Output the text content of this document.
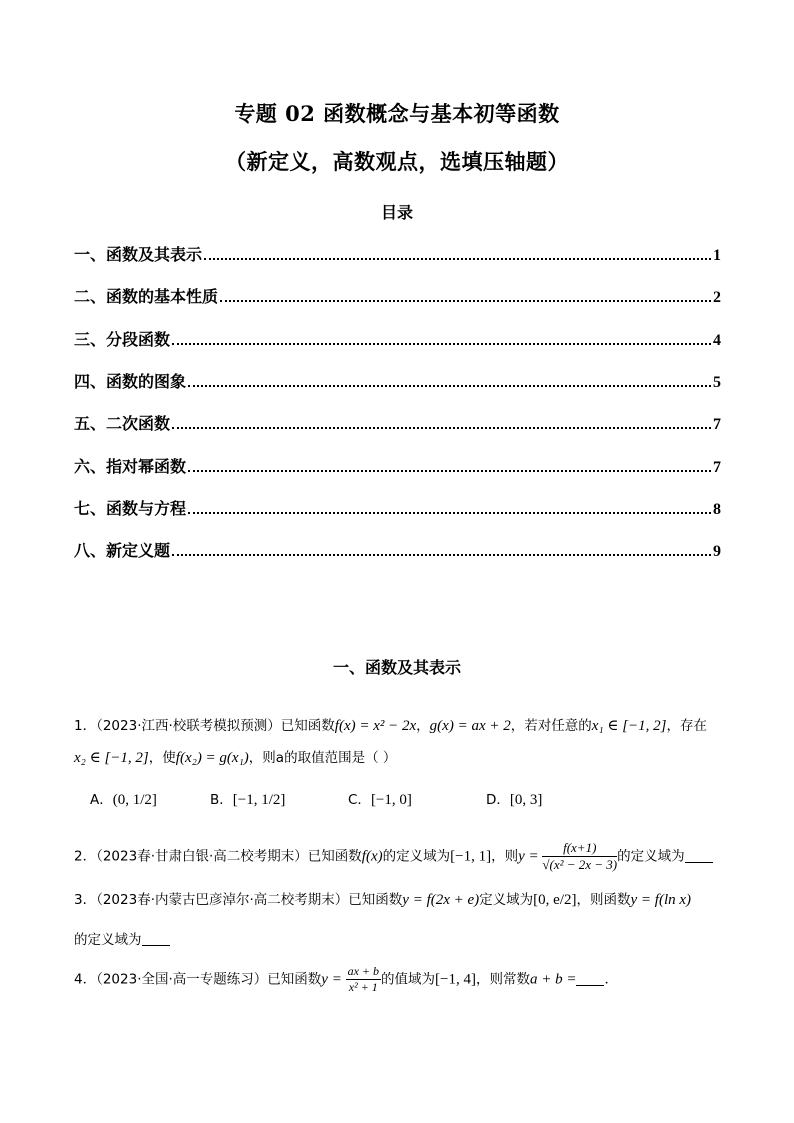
专题 02 函数概念与基本初等函数
（新定义，高数观点，选填压轴题）
目录
一、函数及其表示	1
二、函数的基本性质	2
三、分段函数	4
四、函数的图象	5
五、二次函数	7
六、指对幂函数	7
七、函数与方程	8
八、新定义题	9
一、函数及其表示
1．（2023·江西·校联考模拟预测）已知函数f(x) = x² − 2x，g(x) = ax + 2，若对任意的x₁ ∈ [−1, 2]，存在
x₂ ∈ [−1, 2]，使f(x₂) = g(x₁)，则a的取值范围是（ ）
A．(0, 1/2]	B．[−1, 1/2]	C．[−1, 0]	D．[0, 3]
2．（2023春·甘肃白银·高二校考期末）已知函数f(x)的定义域为[−1, 1]，则$y = \frac{f(x+1)}{\text{√(x² − 2x − 3)}}$ 的定义域为
3．（2023春·内蒙古巴彦淖尔·高二校考期末）已知函数y = f(2x + e)定义域为[0, e/2]，则函数y = f(ln x)
的定义域为
4．（2023·全国·高一专题练习）已知函数$y = \frac{ax + b}{\text{x² + 1}}$ 的值域为[−1, 4]，则常数a + b = ．
